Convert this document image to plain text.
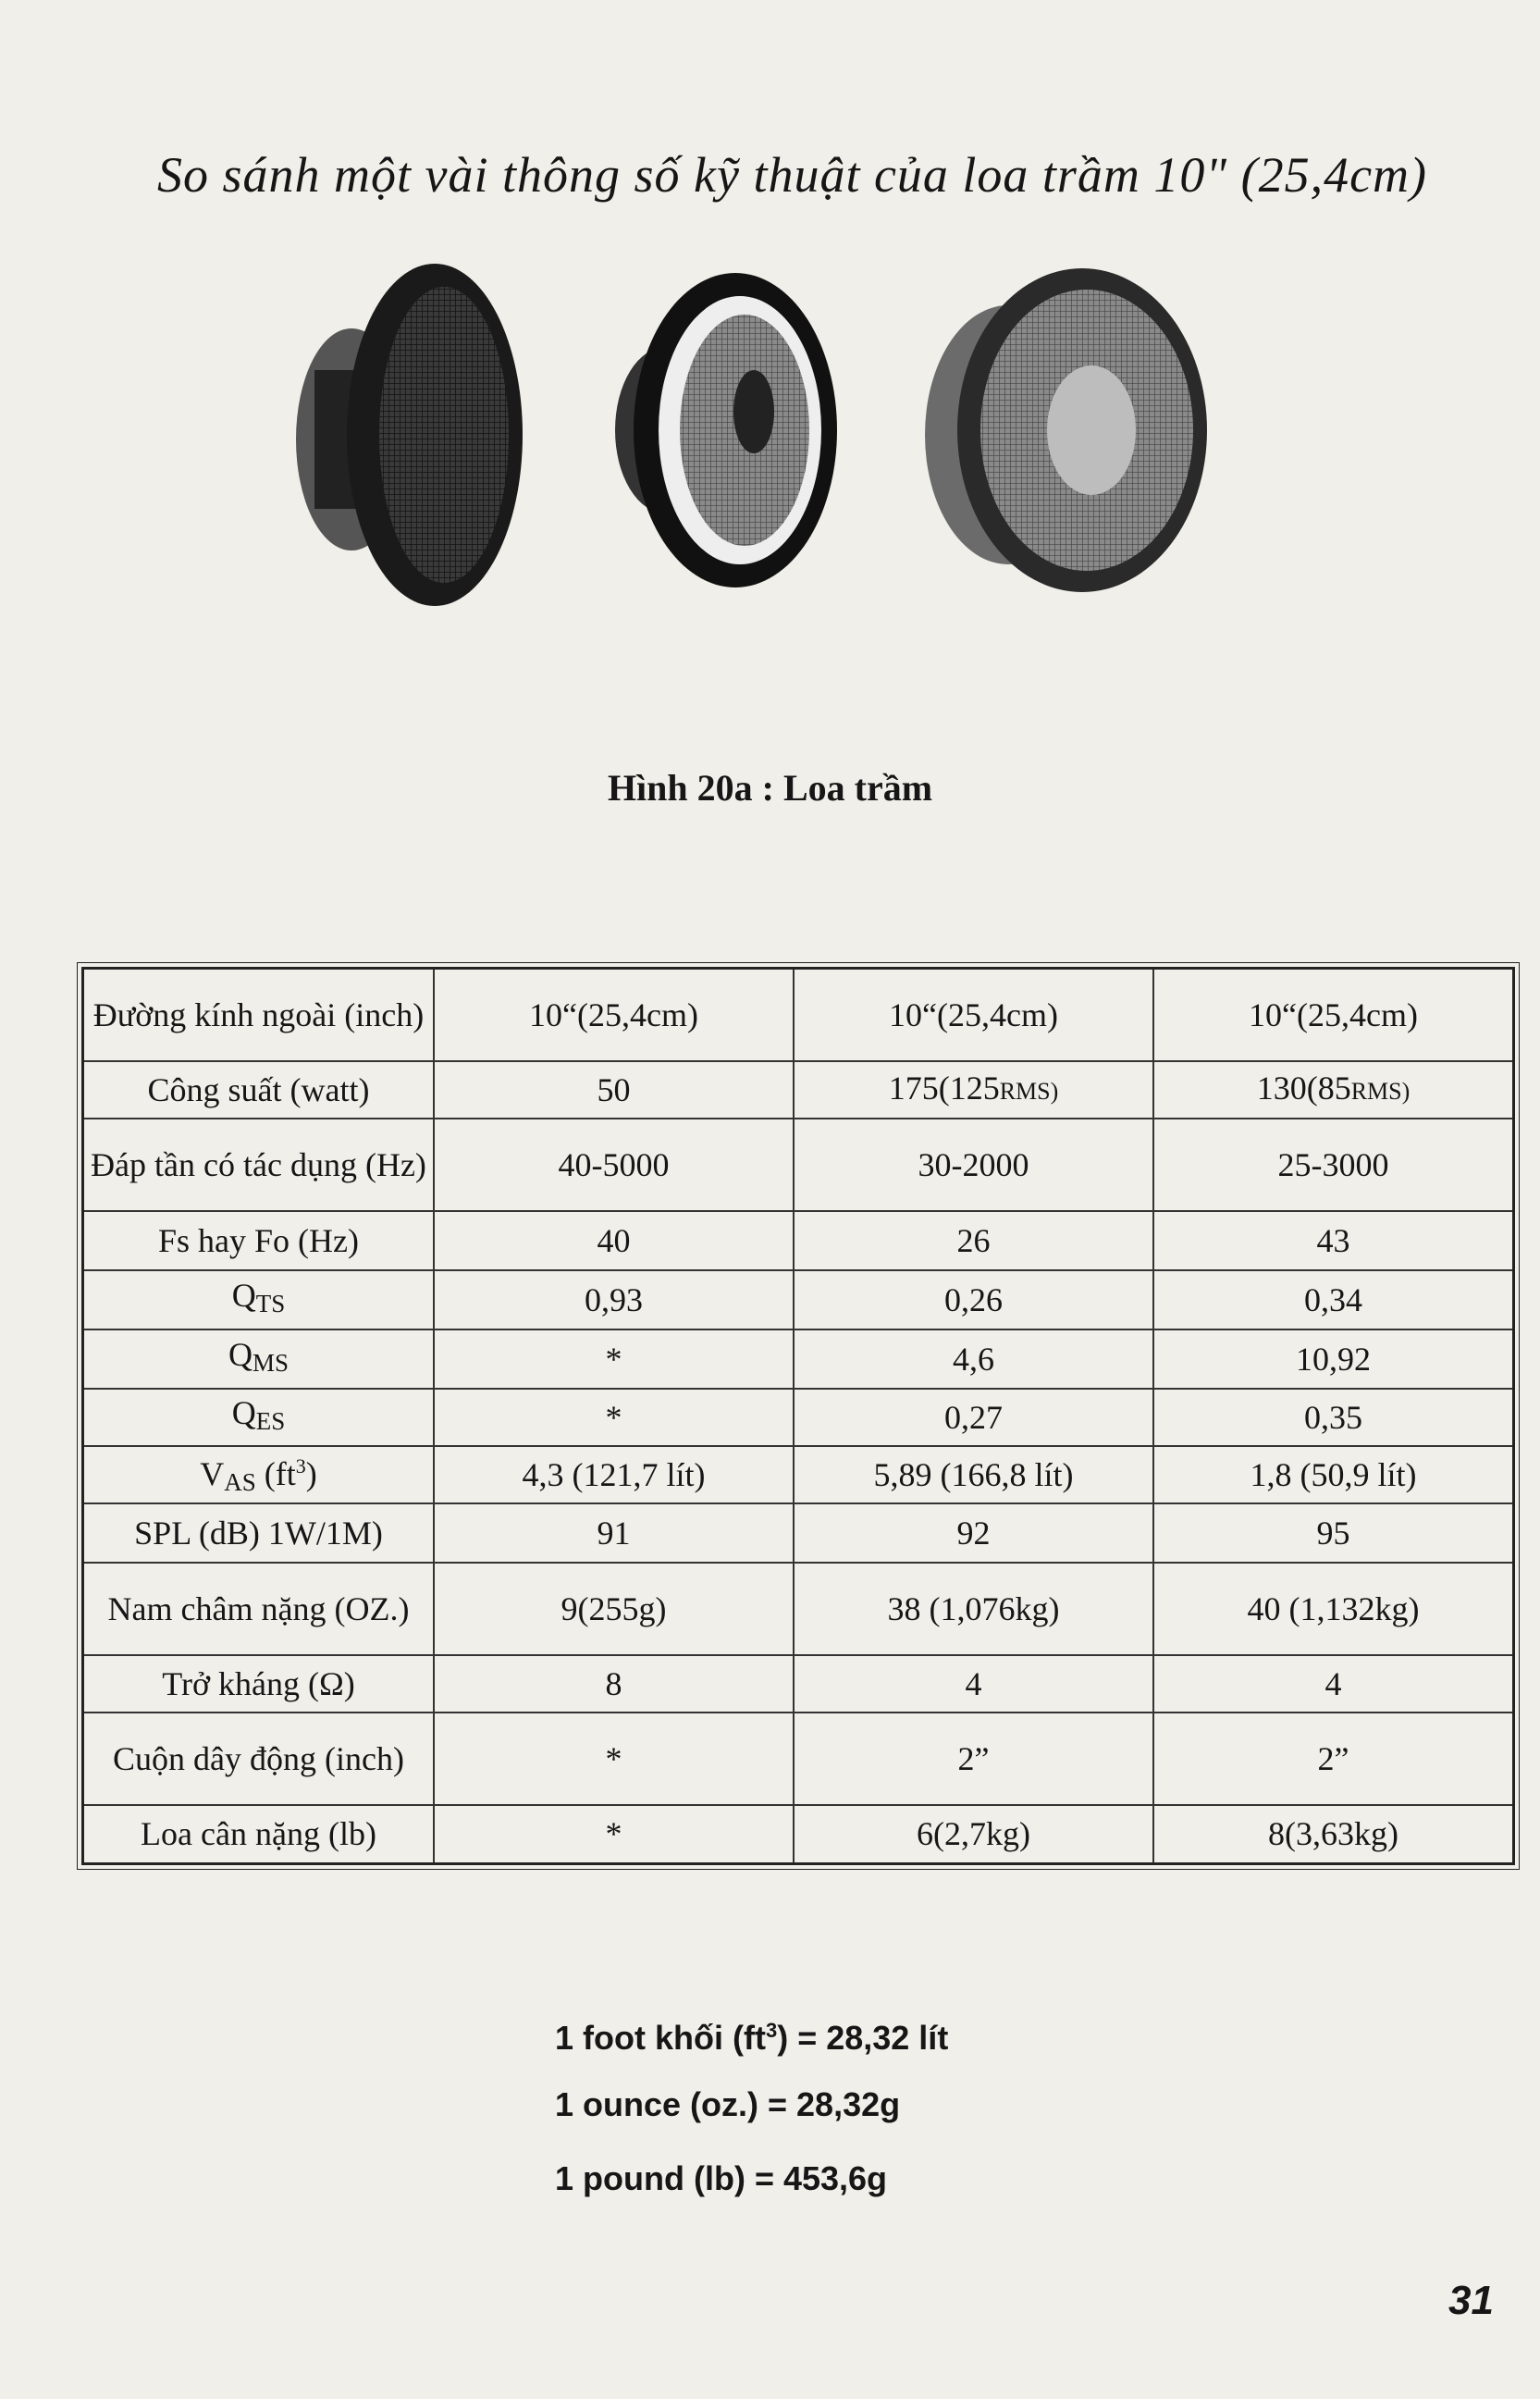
So sánh một vài thông số kỹ thuật của loa trầm 10" (25,4cm)
Hình 20a : Loa trầm
Đường kính ngoài (inch)	10“(25,4cm)	10“(25,4cm)	10“(25,4cm)
Công suất (watt)	50	175(125RMS)	130(85RMS)
Đáp tần có tác dụng (Hz)	40-5000	30-2000	25-3000
Fs hay Fo (Hz)	40	26	43
$Q_{TS}$	0,93	0,26	0,34
$Q_{MS}$	*	4,6	10,92
$Q_{ES}$	*	0,27	0,35
$V_{AS}$ $(ft^3)$	4,3 (121,7 lít)	5,89 (166,8 lít)	1,8 (50,9 lít)
SPL (dB) 1W/1M)	91	92	95
Nam châm nặng (OZ.)	9(255g)	38 (1,076kg)	40 (1,132kg)
Trở kháng (Ω)	8	4	4
Cuộn dây động (inch)	*	2”	2”
Loa cân nặng (lb)	*	6(2,7kg)	8(3,63kg)
1 foot khối $(ft^3) = 28,32$ lít
1 ounce (oz.) = 28,32g
1 pound (lb) = 453,6g
31
